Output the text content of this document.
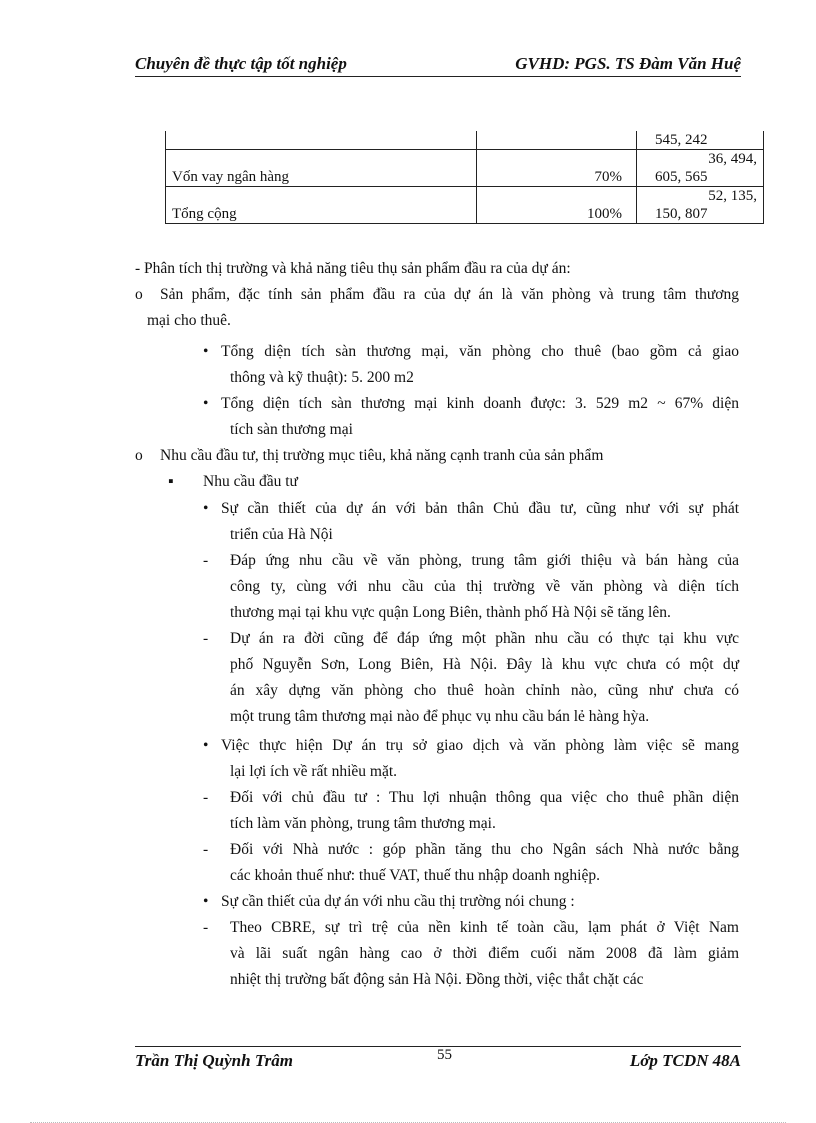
Chuyên đề thực tập tốt nghiệp	GVHD: PGS. TS Đàm Văn Huệ

		545, 242

Vốn vay ngân hàng	70%	36, 494,
605, 565

Tổng cộng	100%	52, 135,
150, 807
- Phân tích thị trường và khả năng tiêu thụ sản phẩm đầu ra của dự án:
o Sản phẩm, đặc tính sản phẩm đầu ra của dự án là văn phòng và trung tâm thương
mại cho thuê.
• Tổng diện tích sàn thương mại, văn phòng cho thuê (bao gồm cả giao
thông và kỹ thuật): 5. 200 m2
• Tổng diện tích sàn thương mại kinh doanh được: 3. 529 m2 ~ 67% diện
tích sàn thương mại
o Nhu cầu đầu tư, thị trường mục tiêu, khả năng cạnh tranh của sản phẩm
▪ Nhu cầu đầu tư
• Sự cần thiết của dự án với bản thân Chủ đầu tư, cũng như với sự phát
triển của Hà Nội
- Đáp ứng nhu cầu về văn phòng, trung tâm giới thiệu và bán hàng của
công ty, cùng với nhu cầu của thị trường về văn phòng và diện tích
thương mại tại khu vực quận Long Biên, thành phố Hà Nội sẽ tăng lên.
- Dự án ra đời cũng để đáp ứng một phần nhu cầu có thực tại khu vực
phố Nguyễn Sơn, Long Biên, Hà Nội. Đây là khu vực chưa có một dự
án xây dựng văn phòng cho thuê hoàn chỉnh nào, cũng như chưa có
một trung tâm thương mại nào để phục vụ nhu cầu bán lẻ hàng hỳa.
• Việc thực hiện Dự án trụ sở giao dịch và văn phòng làm việc sẽ mang
lại lợi ích về rất nhiều mặt.
- Đối với chủ đầu tư : Thu lợi nhuận thông qua việc cho thuê phần diện
tích làm văn phòng, trung tâm thương mại.
- Đối với Nhà nước : góp phần tăng thu cho Ngân sách Nhà nước bằng
các khoản thuế như: thuế VAT, thuế thu nhập doanh nghiệp.
• Sự cần thiết của dự án với nhu cầu thị trường nói chung :
- Theo CBRE, sự trì trệ của nền kinh tế toàn cầu, lạm phát ở Việt Nam
và lãi suất ngân hàng cao ở thời điểm cuối năm 2008 đã làm giảm
nhiệt thị trường bất động sản Hà Nội. Đồng thời, việc thắt chặt các
Trần Thị Quỳnh Trâm	55	Lớp TCDN 48A
